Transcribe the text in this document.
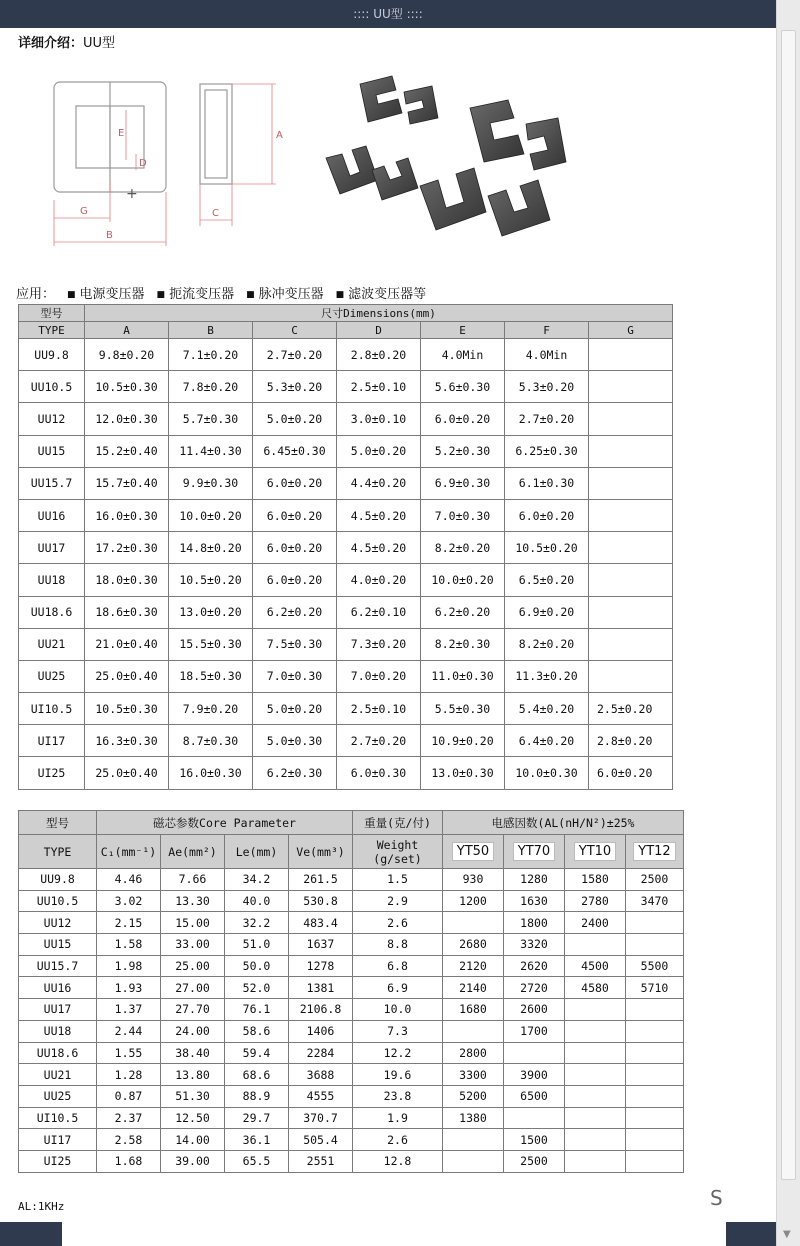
:::: UU型 ::::
▼
详细介绍：UU型
E
D
A
G
B
C
+
应用： ■ 电源变压器 ■ 扼流变压器 ■ 脉冲变压器 ■ 滤波变压器等
型号	尺寸Dimensions(mm)						
TYPE	A	B	C	D	E	F	G
UU9.8	9.8±0.20	7.1±0.20	2.7±0.20	2.8±0.20	4.0Min	4.0Min	
UU10.5	10.5±0.30	7.8±0.20	5.3±0.20	2.5±0.10	5.6±0.30	5.3±0.20	
UU12	12.0±0.30	5.7±0.30	5.0±0.20	3.0±0.10	6.0±0.20	2.7±0.20	
UU15	15.2±0.40	11.4±0.30	6.45±0.30	5.0±0.20	5.2±0.30	6.25±0.30	
UU15.7	15.7±0.40	9.9±0.30	6.0±0.20	4.4±0.20	6.9±0.30	6.1±0.30	
UU16	16.0±0.30	10.0±0.20	6.0±0.20	4.5±0.20	7.0±0.30	6.0±0.20	
UU17	17.2±0.30	14.8±0.20	6.0±0.20	4.5±0.20	8.2±0.20	10.5±0.20	
UU18	18.0±0.30	10.5±0.20	6.0±0.20	4.0±0.20	10.0±0.20	6.5±0.20	
UU18.6	18.6±0.30	13.0±0.20	6.2±0.20	6.2±0.10	6.2±0.20	6.9±0.20	
UU21	21.0±0.40	15.5±0.30	7.5±0.30	7.3±0.20	8.2±0.30	8.2±0.20	
UU25	25.0±0.40	18.5±0.30	7.0±0.30	7.0±0.20	11.0±0.30	11.3±0.20	
UI10.5	10.5±0.30	7.9±0.20	5.0±0.20	2.5±0.10	5.5±0.30	5.4±0.20	2.5±0.20
UI17	16.3±0.30	8.7±0.30	5.0±0.30	2.7±0.20	10.9±0.20	6.4±0.20	2.8±0.20
UI25	25.0±0.40	16.0±0.30	6.2±0.30	6.0±0.30	13.0±0.30	10.0±0.30	6.0±0.20
型号	磁芯参数Core Parameter				重量(克/付)	电感因数(AL(nH/N²)±25%			
TYPE	C₁(mm⁻¹)	Ae(mm²)	Le(mm)	Ve(mm³)	Weight (g/set)	YT50	YT70	YT10	YT12
UU9.8	4.46	7.66	34.2	261.5	1.5	930	1280	1580	2500
UU10.5	3.02	13.30	40.0	530.8	2.9	1200	1630	2780	3470
UU12	2.15	15.00	32.2	483.4	2.6		1800	2400	
UU15	1.58	33.00	51.0	1637	8.8	2680	3320		
UU15.7	1.98	25.00	50.0	1278	6.8	2120	2620	4500	5500
UU16	1.93	27.00	52.0	1381	6.9	2140	2720	4580	5710
UU17	1.37	27.70	76.1	2106.8	10.0	1680	2600		
UU18	2.44	24.00	58.6	1406	7.3		1700		
UU18.6	1.55	38.40	59.4	2284	12.2	2800			
UU21	1.28	13.80	68.6	3688	19.6	3300	3900		
UU25	0.87	51.30	88.9	4555	23.8	5200	6500		
UI10.5	2.37	12.50	29.7	370.7	1.9	1380			
UI17	2.58	14.00	36.1	505.4	2.6		1500		
UI25	1.68	39.00	65.5	2551	12.8		2500		
AL:1KHz	S
